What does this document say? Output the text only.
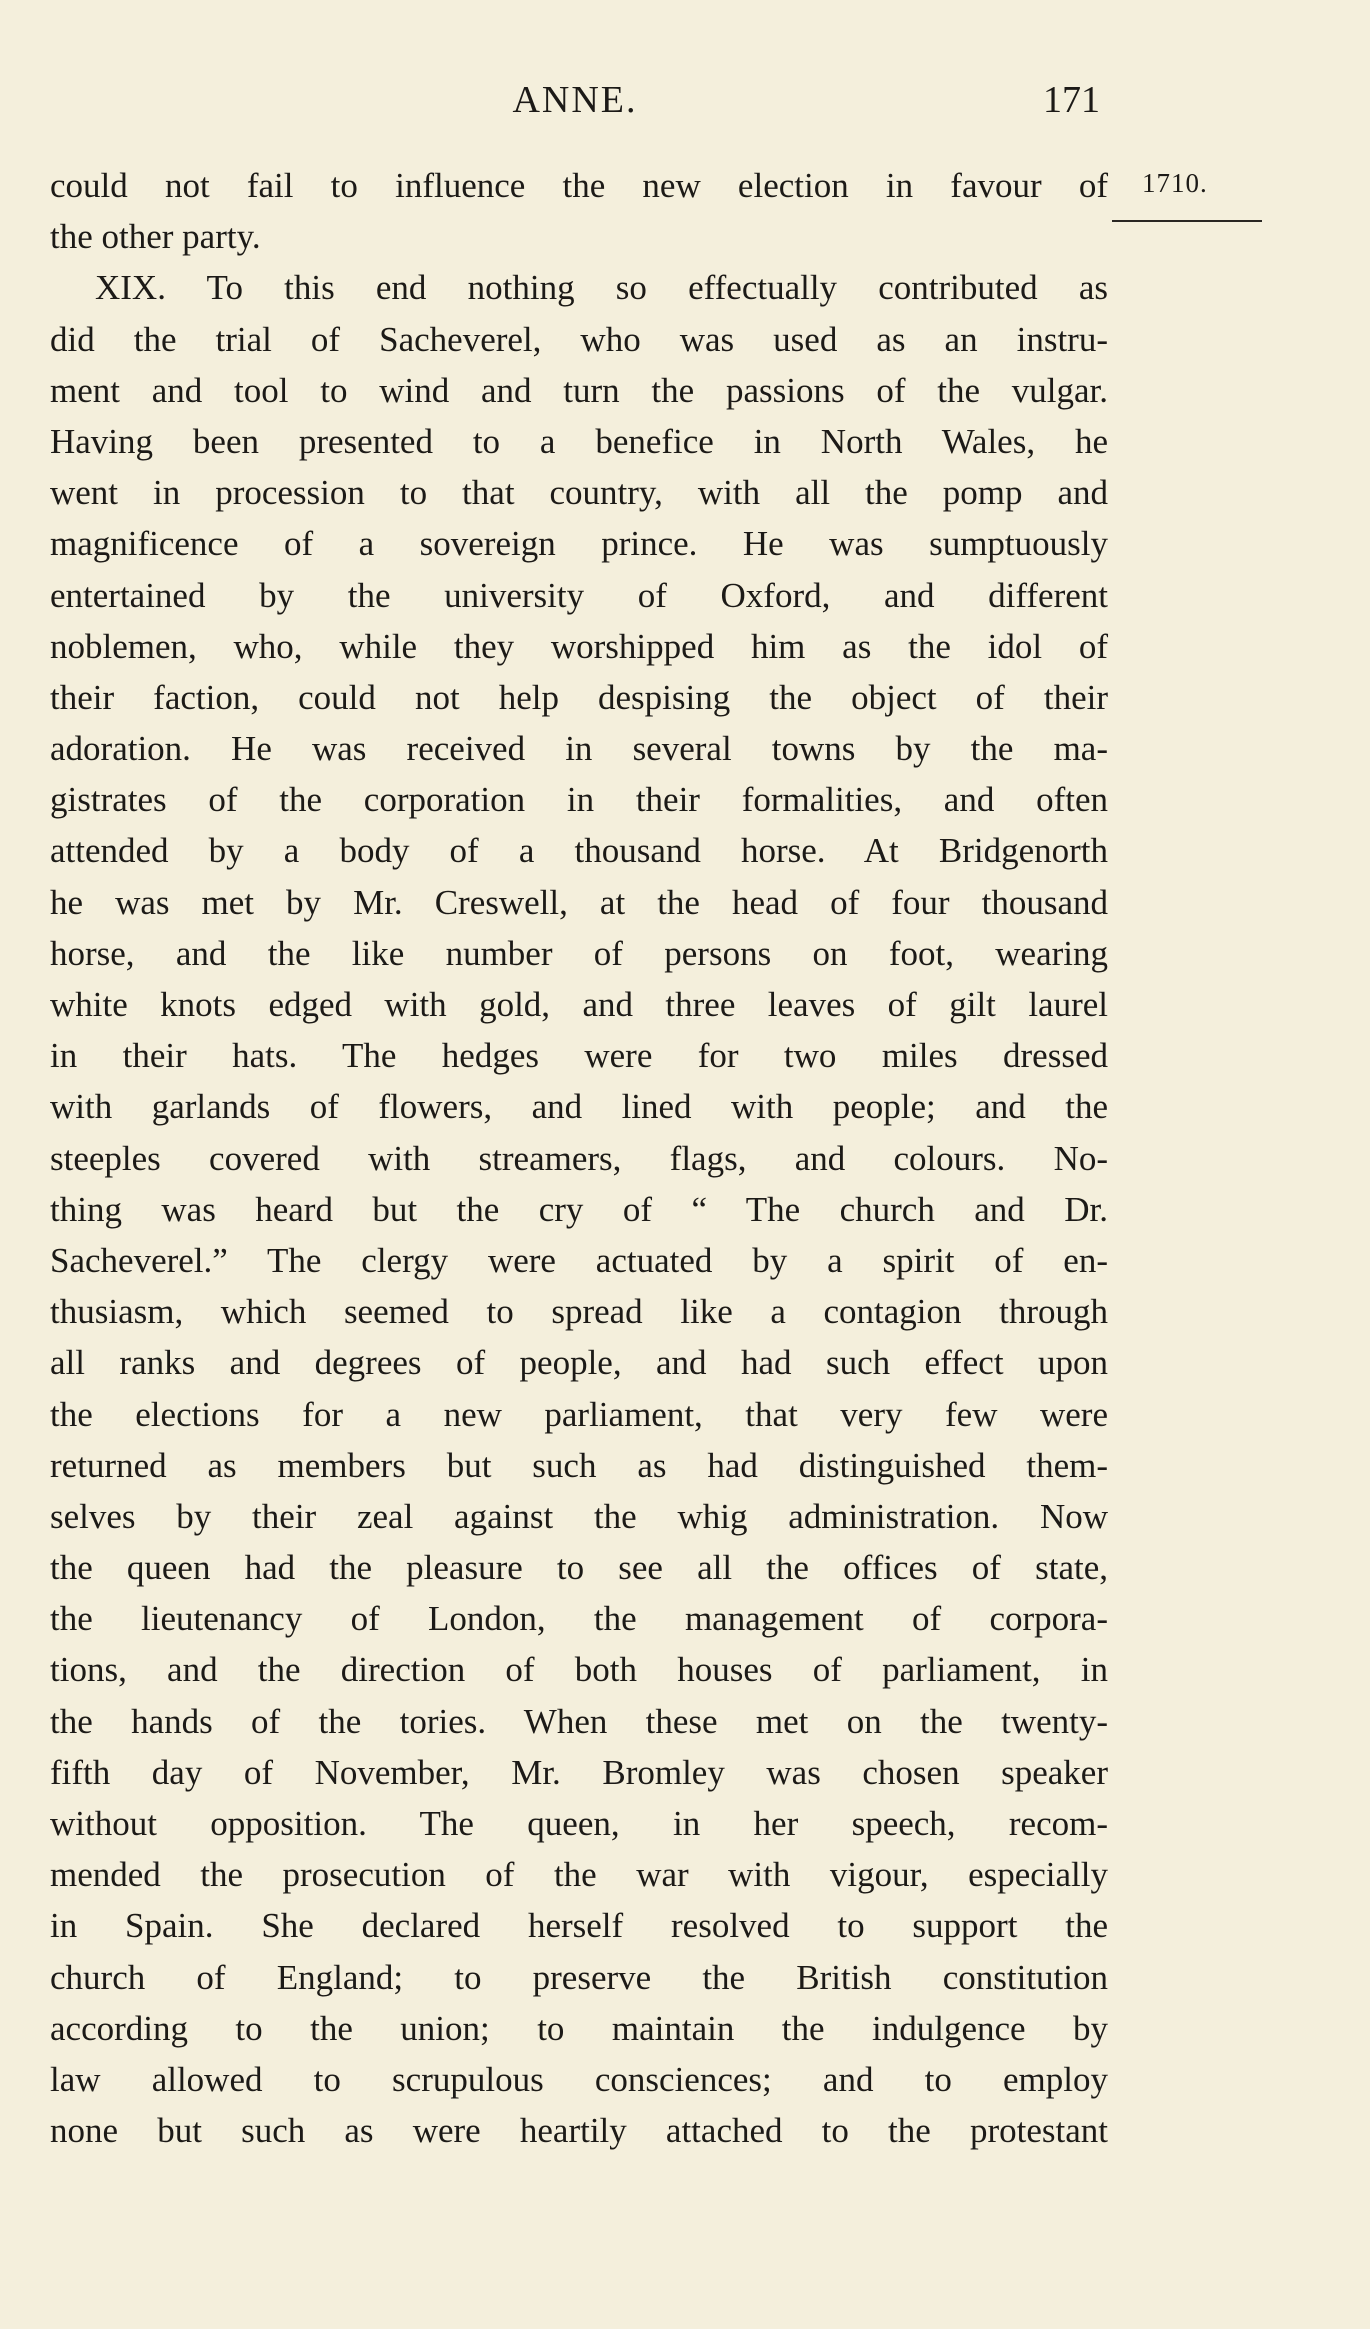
ANNE.	171
1710.
could not fail to influence the new election in favour of
the other party.
XIX. To this end nothing so effectually contributed as
did the trial of Sacheverel, who was used as an instru-
ment and tool to wind and turn the passions of the vulgar.
Having been presented to a benefice in North Wales, he
went in procession to that country, with all the pomp and
magnificence of a sovereign prince. He was sumptuously
entertained by the university of Oxford, and different
noblemen, who, while they worshipped him as the idol of
their faction, could not help despising the object of their
adoration. He was received in several towns by the ma-
gistrates of the corporation in their formalities, and often
attended by a body of a thousand horse. At Bridgenorth
he was met by Mr. Creswell, at the head of four thousand
horse, and the like number of persons on foot, wearing
white knots edged with gold, and three leaves of gilt laurel
in their hats. The hedges were for two miles dressed
with garlands of flowers, and lined with people; and the
steeples covered with streamers, flags, and colours. No-
thing was heard but the cry of “ The church and Dr.
Sacheverel.” The clergy were actuated by a spirit of en-
thusiasm, which seemed to spread like a contagion through
all ranks and degrees of people, and had such effect upon
the elections for a new parliament, that very few were
returned as members but such as had distinguished them-
selves by their zeal against the whig administration. Now
the queen had the pleasure to see all the offices of state,
the lieutenancy of London, the management of corpora-
tions, and the direction of both houses of parliament, in
the hands of the tories. When these met on the twenty-
fifth day of November, Mr. Bromley was chosen speaker
without opposition. The queen, in her speech, recom-
mended the prosecution of the war with vigour, especially
in Spain. She declared herself resolved to support the
church of England; to preserve the British constitution
according to the union; to maintain the indulgence by
law allowed to scrupulous consciences; and to employ
none but such as were heartily attached to the protestant
